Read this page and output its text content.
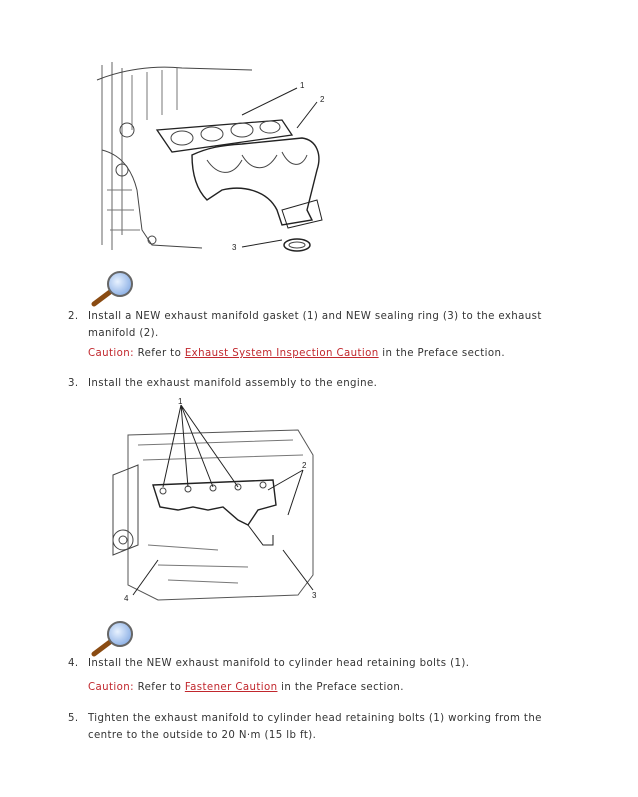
1
2
3
2. Install a NEW exhaust manifold gasket (1) and NEW sealing ring (3) to the exhaust manifold (2).
Caution: Refer to Exhaust System Inspection Caution in the Preface section.
3. Install the exhaust manifold assembly to the engine.
1
2
3
4
4. Install the NEW exhaust manifold to cylinder head retaining bolts (1).
Caution: Refer to Fastener Caution in the Preface section.
5. Tighten the exhaust manifold to cylinder head retaining bolts (1) working from the centre to the outside to 20 N·m (15 lb ft).
